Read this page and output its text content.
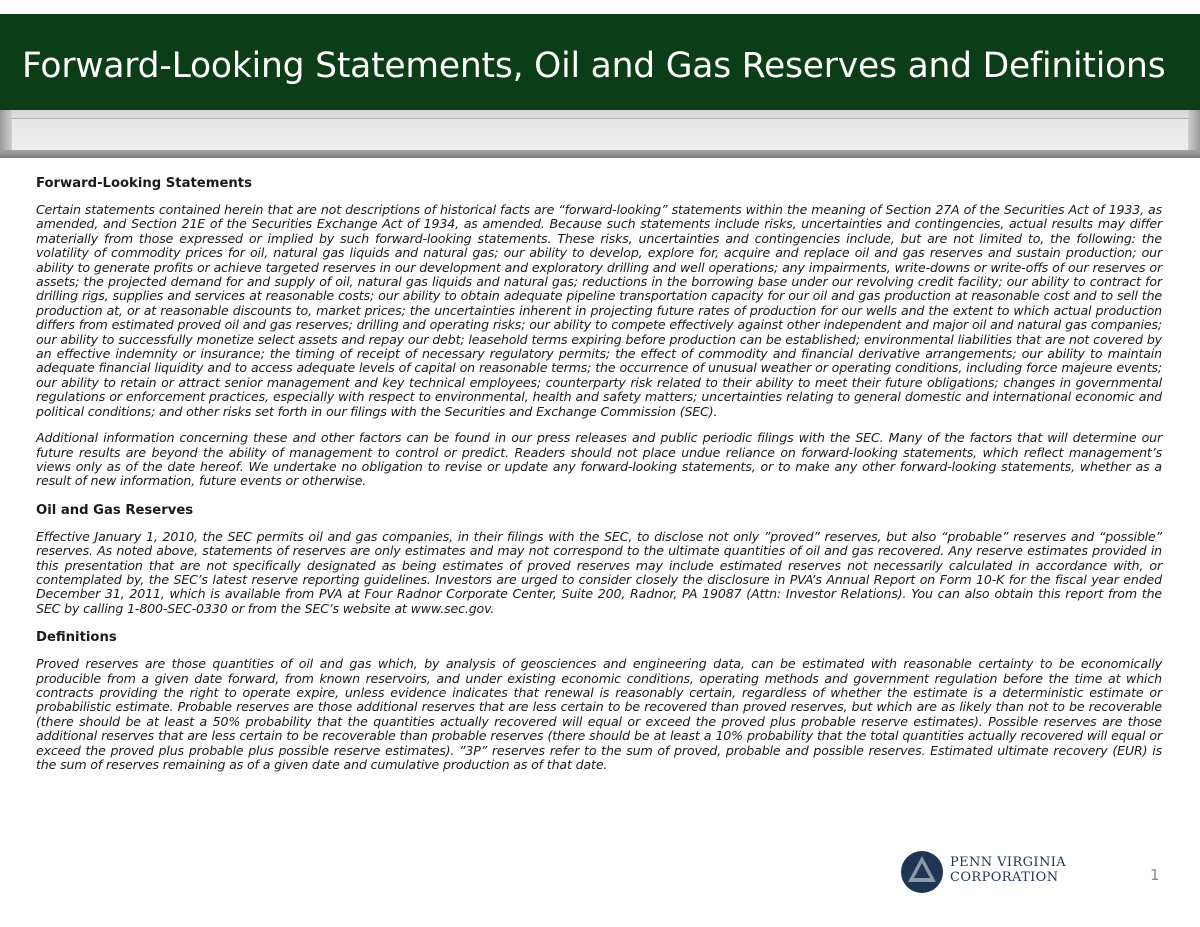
Forward-Looking Statements, Oil and Gas Reserves and Definitions
Forward-Looking Statements

Certain statements contained herein that are not descriptions of historical facts are “forward-looking” statements within the meaning of Section 27A of the Securities Act of 1933, as amended, and Section 21E of the Securities Exchange Act of 1934, as amended. Because such statements include risks, uncertainties and contingencies, actual results may differ materially from those expressed or implied by such forward-looking statements. These risks, uncertainties and contingencies include, but are not limited to, the following: the volatility of commodity prices for oil, natural gas liquids and natural gas; our ability to develop, explore for, acquire and replace oil and gas reserves and sustain production; our ability to generate profits or achieve targeted reserves in our development and exploratory drilling and well operations; any impairments, write-downs or write-offs of our reserves or assets; the projected demand for and supply of oil, natural gas liquids and natural gas; reductions in the borrowing base under our revolving credit facility; our ability to contract for drilling rigs, supplies and services at reasonable costs; our ability to obtain adequate pipeline transportation capacity for our oil and gas production at reasonable cost and to sell the production at, or at reasonable discounts to, market prices; the uncertainties inherent in projecting future rates of production for our wells and the extent to which actual production differs from estimated proved oil and gas reserves; drilling and operating risks; our ability to compete effectively against other independent and major oil and natural gas companies; our ability to successfully monetize select assets and repay our debt; leasehold terms expiring before production can be established; environmental liabilities that are not covered by an effective indemnity or insurance; the timing of receipt of necessary regulatory permits; the effect of commodity and financial derivative arrangements; our ability to maintain adequate financial liquidity and to access adequate levels of capital on reasonable terms; the occurrence of unusual weather or operating conditions, including force majeure events; our ability to retain or attract senior management and key technical employees; counterparty risk related to their ability to meet their future obligations; changes in governmental regulations or enforcement practices, especially with respect to environmental, health and safety matters; uncertainties relating to general domestic and international economic and political conditions; and other risks set forth in our filings with the Securities and Exchange Commission (SEC).

Additional information concerning these and other factors can be found in our press releases and public periodic filings with the SEC. Many of the factors that will determine our future results are beyond the ability of management to control or predict. Readers should not place undue reliance on forward-looking statements, which reflect management’s views only as of the date hereof. We undertake no obligation to revise or update any forward-looking statements, or to make any other forward-looking statements, whether as a result of new information, future events or otherwise.

Oil and Gas Reserves

Effective January 1, 2010, the SEC permits oil and gas companies, in their filings with the SEC, to disclose not only ”proved” reserves, but also “probable” reserves and “possible” reserves. As noted above, statements of reserves are only estimates and may not correspond to the ultimate quantities of oil and gas recovered. Any reserve estimates provided in this presentation that are not specifically designated as being estimates of proved reserves may include estimated reserves not necessarily calculated in accordance with, or contemplated by, the SEC’s latest reserve reporting guidelines. Investors are urged to consider closely the disclosure in PVA’s Annual Report on Form 10-K for the fiscal year ended December 31, 2011, which is available from PVA at Four Radnor Corporate Center, Suite 200, Radnor, PA 19087 (Attn: Investor Relations). You can also obtain this report from the SEC by calling 1-800-SEC-0330 or from the SEC’s website at www.sec.gov.

Definitions

Proved reserves are those quantities of oil and gas which, by analysis of geosciences and engineering data, can be estimated with reasonable certainty to be economically producible from a given date forward, from known reservoirs, and under existing economic conditions, operating methods and government regulation before the time at which contracts providing the right to operate expire, unless evidence indicates that renewal is reasonably certain, regardless of whether the estimate is a deterministic estimate or probabilistic estimate. Probable reserves are those additional reserves that are less certain to be recovered than proved reserves, but which are as likely than not to be recoverable (there should be at least a 50% probability that the quantities actually recovered will equal or exceed the proved plus probable reserve estimates). Possible reserves are those additional reserves that are less certain to be recoverable than probable reserves (there should be at least a 10% probability that the total quantities actually recovered will equal or exceed the proved plus probable plus possible reserve estimates). ”3P” reserves refer to the sum of proved, probable and possible reserves. Estimated ultimate recovery (EUR) is the sum of reserves remaining as of a given date and cumulative production as of that date.

PENN VIRGINIA
CORPORATION	1
